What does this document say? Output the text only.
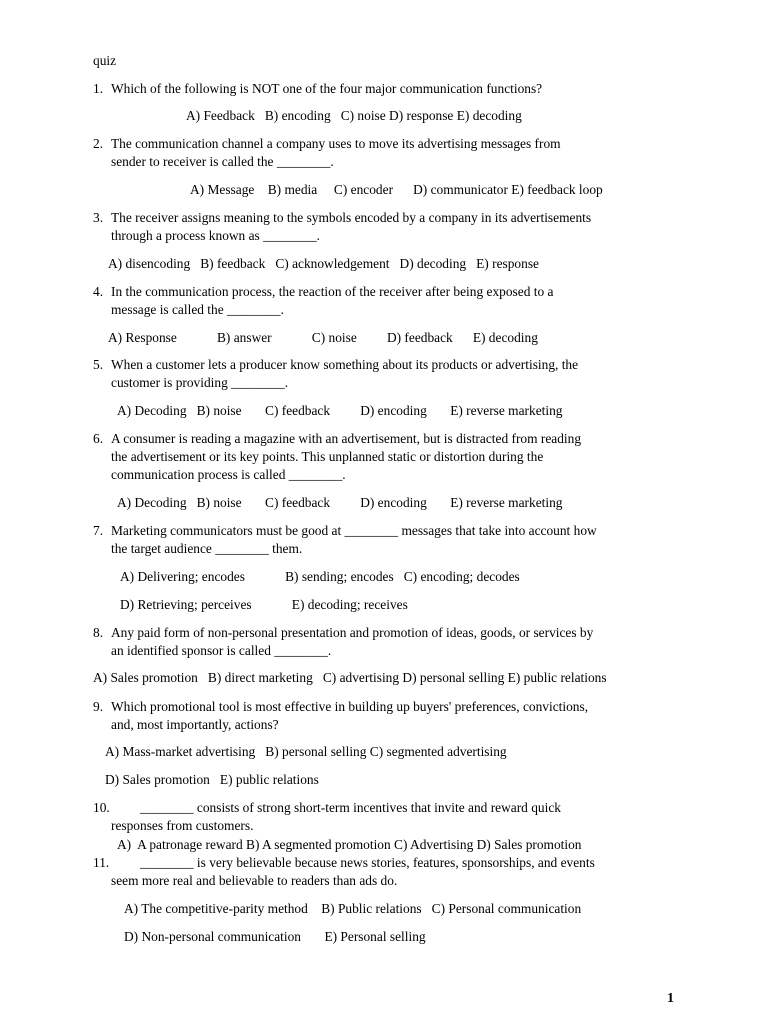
quiz
1. Which of the following is NOT one of the four major communication functions?
A) Feedback   B) encoding   C) noise D) response E) decoding
2. The communication channel a company uses to move its advertising messages from
sender to receiver is called the ________.
A) Message    B) media     C) encoder      D) communicator E) feedback loop
3. The receiver assigns meaning to the symbols encoded by a company in its advertisements
through a process known as ________.
A) disencoding   B) feedback   C) acknowledgement   D) decoding   E) response
4. In the communication process, the reaction of the receiver after being exposed to a
message is called the ________.
A) Response            B) answer            C) noise         D) feedback      E) decoding
5. When a customer lets a producer know something about its products or advertising, the
customer is providing ________.
A) Decoding   B) noise       C) feedback         D) encoding       E) reverse marketing
6. A consumer is reading a magazine with an advertisement, but is distracted from reading
the advertisement or its key points. This unplanned static or distortion during the
communication process is called ________.
A) Decoding   B) noise       C) feedback         D) encoding       E) reverse marketing
7. Marketing communicators must be good at ________ messages that take into account how
the target audience ________ them.
A) Delivering; encodes            B) sending; encodes   C) encoding; decodes
D) Retrieving; perceives            E) decoding; receives
8. Any paid form of non-personal presentation and promotion of ideas, goods, or services by
an identified sponsor is called ________.
A) Sales promotion   B) direct marketing   C) advertising D) personal selling E) public relations
9. Which promotional tool is most effective in building up buyers' preferences, convictions,
and, most importantly, actions?
A) Mass-market advertising   B) personal selling C) segmented advertising
D) Sales promotion   E) public relations
10. ________ consists of strong short-term incentives that invite and reward quick
responses from customers.
A)  A patronage reward B) A segmented promotion C) Advertising D) Sales promotion
11. ________ is very believable because news stories, features, sponsorships, and events
seem more real and believable to readers than ads do.
A) The competitive-parity method    B) Public relations   C) Personal communication
D) Non-personal communication       E) Personal selling
1
